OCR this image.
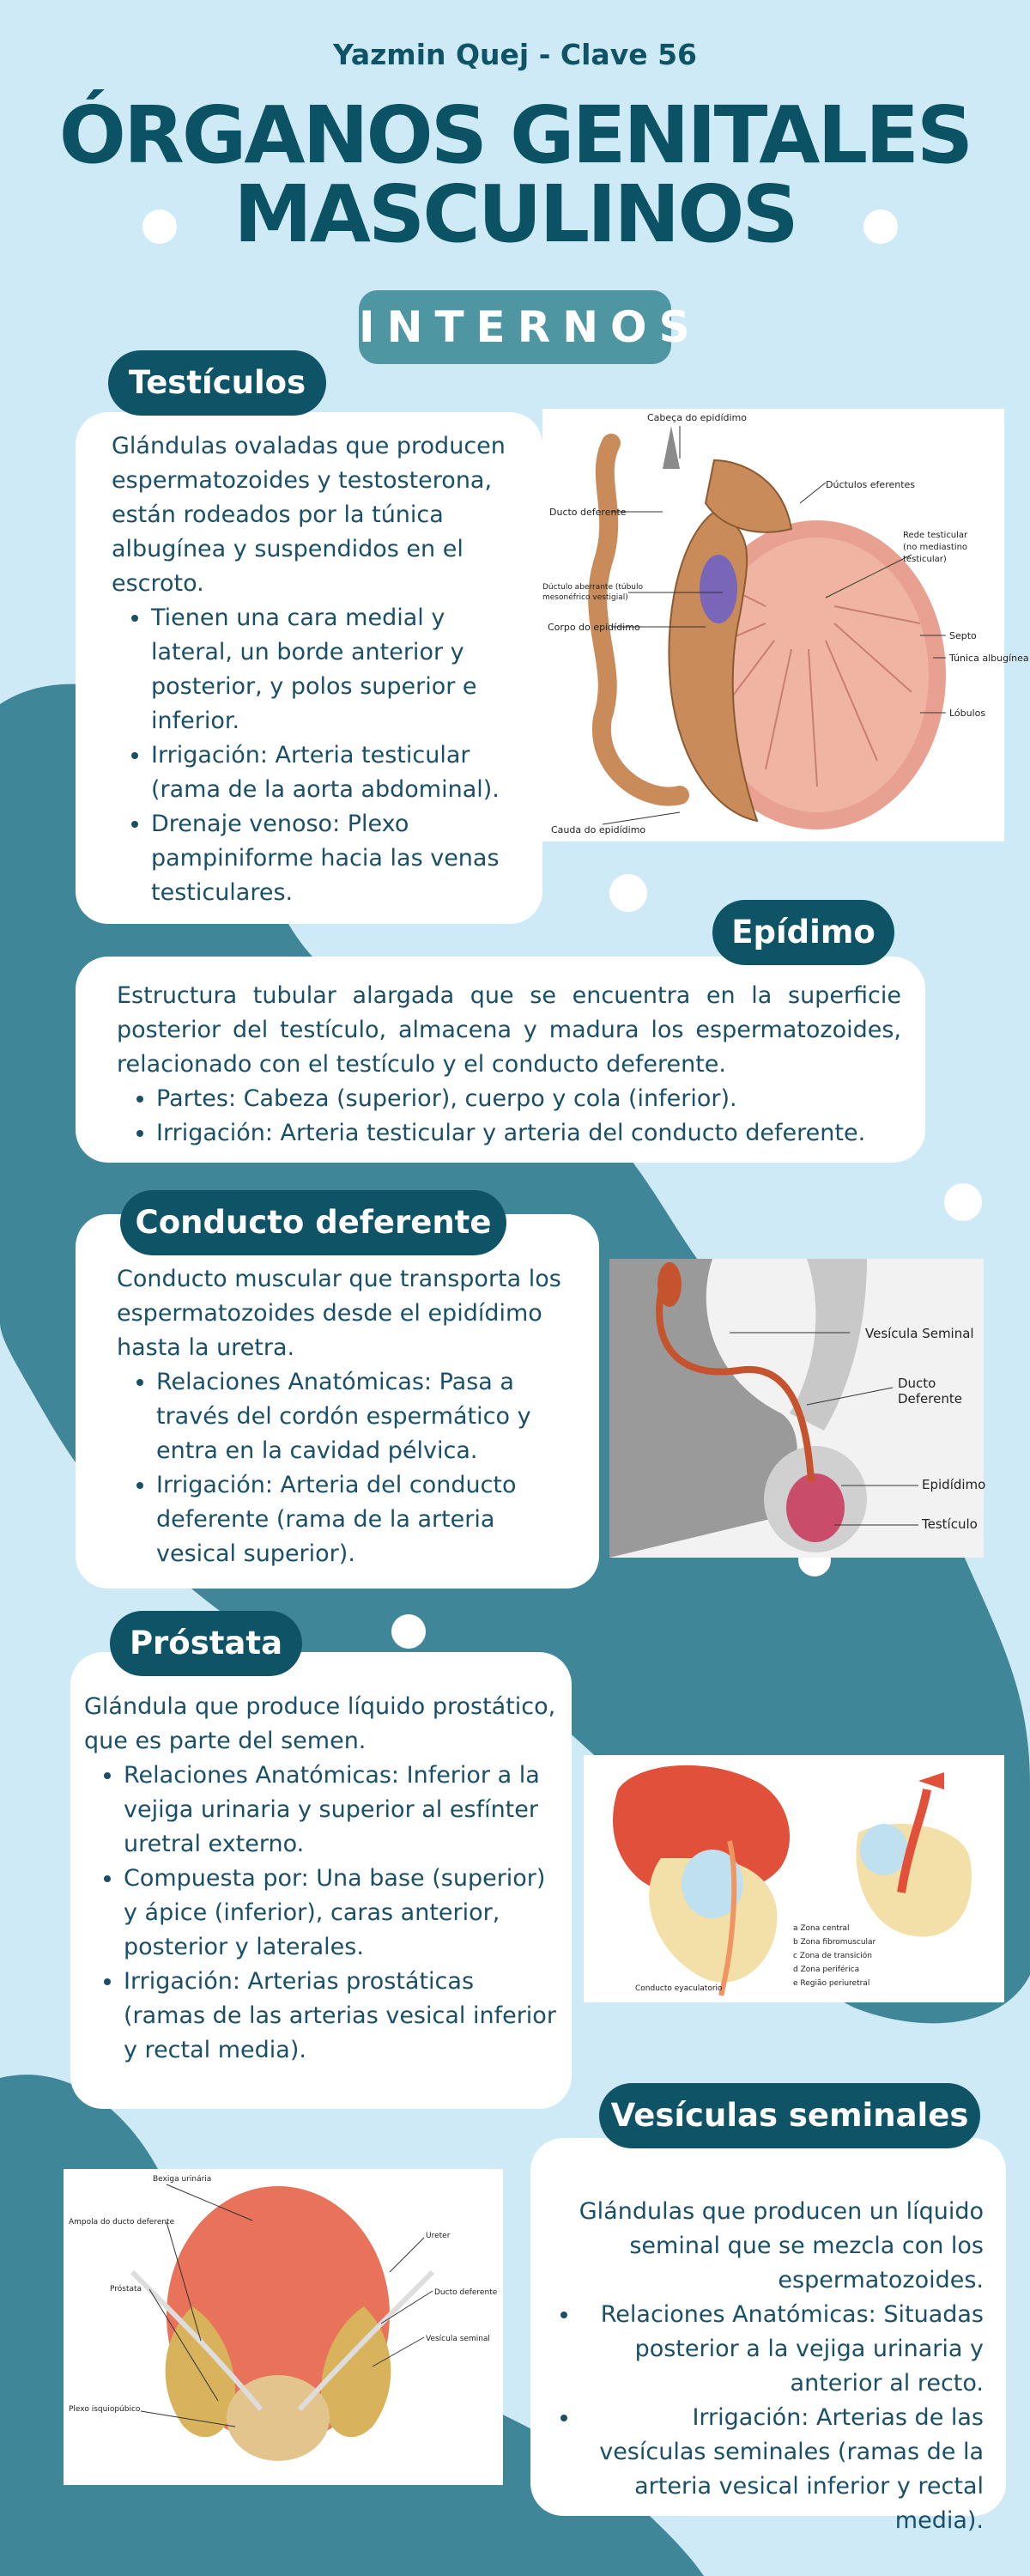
Yazmin Quej - Clave 56
ÓRGANOS GENITALES
MASCULINOS
INTERNOS

Glándulas ovaladas que producen espermatozoides y testosterona, están rodeados por la túnica albugínea y suspendidos en el escroto.

• Tienen una cara medial y lateral, un borde anterior y posterior, y polos superior e inferior.
• Irrigación: Arteria testicular (rama de la aorta abdominal).
• Drenaje venoso: Plexo pampiniforme hacia las venas testiculares.
Testículos
Cabeça do epidídimo
Dúctulos eferentes
Ducto deferente
Rede testicular
(no mediastino
testicular)
Dúctulo aberrante (túbulo
mesonéfrico vestigial)
Corpo do epidídimo
Septo
Túnica albugínea
Lóbulos
Cauda do epidídimo

Estructura tubular alargada que se encuentra en la superficie posterior del testículo, almacena y madura los espermatozoides, relacionado con el testículo y el conducto deferente.

• Partes: Cabeza (superior), cuerpo y cola (inferior).
• Irrigación: Arteria testicular y arteria del conducto deferente.
Epídimo

Conducto muscular que transporta los espermatozoides desde el epidídimo hasta la uretra.

• Relaciones Anatómicas: Pasa a través del cordón espermático y entra en la cavidad pélvica.
• Irrigación: Arteria del conducto deferente (rama de la arteria vesical superior).
Conducto deferente
Vesícula Seminal
Ducto
Deferente
Epidídimo
Testículo

Glándula que produce líquido prostático, que es parte del semen.

• Relaciones Anatómicas: Inferior a la vejiga urinaria y superior al esfínter uretral externo.
• Compuesta por: Una base (superior) y ápice (inferior), caras anterior, posterior y laterales.
• Irrigación: Arterias prostáticas (ramas de las arterias vesical inferior y rectal media).
Próstata
a Zona central
b Zona fibromuscular
c Zona de transición
d Zona periférica
e Região periuretral
Conducto eyaculatorio

Glándulas que producen un líquido seminal que se mezcla con los espermatozoides.

• Relaciones Anatómicas: Situadas posterior a la vejiga urinaria y anterior al recto.
• Irrigación: Arterias de las vesículas seminales (ramas de la arteria vesical inferior y rectal media).
Vesículas seminales
Bexiga urinária
Ampola do ducto deferente
Ureter
Próstata	Ducto deferente
Vesícula seminal
Plexo isquiopúbico
